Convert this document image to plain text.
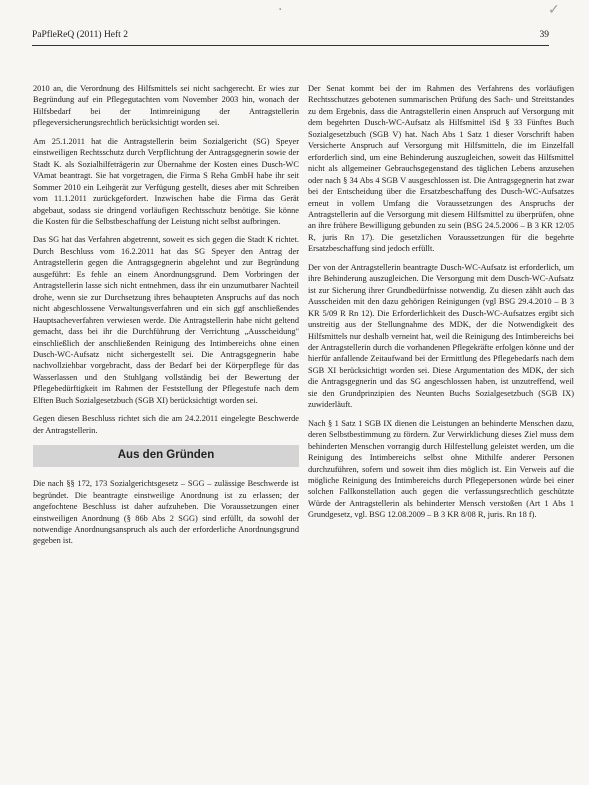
·	✓
PaPfleReQ (2011) Heft 2	39

2010 an, die Verordnung des Hilfsmittels sei nicht sachgerecht. Er wies zur Begründung auf ein Pflegegutachten vom November 2003 hin, wonach der Hilfsbedarf bei der Intimreinigung der Antragstellerin pflegeversicherungsrechtlich berücksichtigt worden sei.

Am 25.1.2011 hat die Antragstellerin beim Sozialgericht (SG) Speyer einstweiligen Rechtsschutz durch Verpflichtung der Antragsgegnerin sowie der Stadt K. als Sozialhilfeträgerin zur Übernahme der Kosten eines Dusch-WC VAmat beantragt. Sie hat vorgetragen, die Firma S Reha GmbH habe ihr seit Sommer 2010 ein Leihgerät zur Verfügung gestellt, dieses aber mit Schreiben vom 11.1.2011 zurückgefordert. Inzwischen habe die Firma das Gerät abgebaut, sodass sie dringend vorläufigen Rechtsschutz benötige. Sie könne die Kosten für die Selbstbeschaffung der Leistung nicht selbst aufbringen.

Das SG hat das Verfahren abgetrennt, soweit es sich gegen die Stadt K richtet. Durch Beschluss vom 16.2.2011 hat das SG Speyer den Antrag der Antragstellerin gegen die Antragsgegnerin abgelehnt und zur Begründung ausgeführt: Es fehle an einem Anordnungsgrund. Dem Vorbringen der Antragstellerin lasse sich nicht entnehmen, dass ihr ein unzumutbarer Nachteil drohe, wenn sie zur Durchsetzung ihres behaupteten Anspruchs auf das noch nicht abgeschlossene Verwaltungsverfahren und ein sich ggf anschließendes Hauptsacheverfahren verwiesen werde. Die Antragstellerin habe nicht geltend gemacht, dass bei ihr die Durchführung der Verrichtung „Ausscheidung" einschließlich der anschließenden Reinigung des Intimbereichs ohne einen Dusch-WC-Aufsatz nicht sichergestellt sei. Die Antragsgegnerin habe nachvollziehbar vorgebracht, dass der Bedarf bei der Körperpflege für das Wasserlassen und den Stuhlgang vollständig bei der Bewertung der Pflegebedürftigkeit im Rahmen der Feststellung der Pflegestufe nach dem Elften Buch Sozialgesetzbuch (SGB XI) berücksichtigt worden sei.

Gegen diesen Beschluss richtet sich die am 24.2.2011 eingelegte Beschwerde der Antragstellerin.

Aus den Gründen

Die nach §§ 172, 173 Sozialgerichtsgesetz – SGG – zulässige Beschwerde ist begründet. Die beantragte einstweilige Anordnung ist zu erlassen; der angefochtene Beschluss ist daher aufzuheben. Die Voraussetzungen einer einstweiligen Anordnung (§ 86b Abs 2 SGG) sind erfüllt, da sowohl der notwendige Anordnungsanspruch als auch der erforderliche Anordnungsgrund gegeben ist.

Der Senat kommt bei der im Rahmen des Verfahrens des vorläufigen Rechtsschutzes gebotenen summarischen Prüfung des Sach- und Streitstandes zu dem Ergebnis, dass die Antragstellerin einen Anspruch auf Versorgung mit dem begehrten Dusch-WC-Aufsatz als Hilfsmittel iSd § 33 Fünftes Buch Sozialgesetzbuch (SGB V) hat. Nach Abs 1 Satz 1 dieser Vorschrift haben Versicherte Anspruch auf Versorgung mit Hilfsmitteln, die im Einzelfall erforderlich sind, um eine Behinderung auszugleichen, soweit das Hilfsmittel nicht als allgemeiner Gebrauchsgegenstand des täglichen Lebens anzusehen oder nach § 34 Abs 4 SGB V ausgeschlossen ist. Die Antragsgegnerin hat zwar bei der Entscheidung über die Ersatzbeschaffung des Dusch-WC-Aufsatzes erneut in vollem Umfang die Voraussetzungen des Anspruchs der Antragstellerin auf die Versorgung mit diesem Hilfsmittel zu überprüfen, ohne an ihre frühere Bewilligung gebunden zu sein (BSG 24.5.2006 – B 3 KR 12/05 R, juris Rn 17). Die gesetzlichen Voraussetzungen für die begehrte Ersatzbeschaffung sind jedoch erfüllt.

Der von der Antragstellerin beantragte Dusch-WC-Aufsatz ist erforderlich, um ihre Behinderung auszugleichen. Die Versorgung mit dem Dusch-WC-Aufsatz ist zur Sicherung ihrer Grundbedürfnisse notwendig. Zu diesen zählt auch das Ausscheiden mit den dazu gehörigen Reinigungen (vgl BSG 29.4.2010 – B 3 KR 5/09 R Rn 12). Die Erforderlichkeit des Dusch-WC-Aufsatzes ergibt sich unstreitig aus der Stellungnahme des MDK, der die Notwendigkeit des Hilfsmittels nur deshalb verneint hat, weil die Reinigung des Intimbereichs bei der Antragstellerin durch die vorhandenen Pflegekräfte erfolgen könne und der hierfür anfallende Zeitaufwand bei der Ermittlung des Pflegebedarfs nach dem SGB XI berücksichtigt worden sei. Diese Argumentation des MDK, der sich die Antragsgegnerin und das SG angeschlossen haben, ist unzutreffend, weil sie den Grundprinzipien des Neunten Buchs Sozialgesetzbuch (SGB IX) zuwiderläuft.

Nach § 1 Satz 1 SGB IX dienen die Leistungen an behinderte Menschen dazu, deren Selbstbestimmung zu fördern. Zur Verwirklichung dieses Ziel muss dem behinderten Menschen vorrangig durch Hilfestellung geleistet werden, um die Reinigung des Intimbereichs selbst ohne Mithilfe anderer Personen durchzuführen, sofern und soweit ihm dies möglich ist. Ein Verweis auf die mögliche Reinigung des Intimbereichs durch Pflegepersonen würde bei einer solchen Fallkonstellation auch gegen die verfassungsrechtlich geschützte Würde der Antragstellerin als behinderter Mensch verstoßen (Art 1 Abs 1 Grundgesetz, vgl. BSG 12.08.2009 – B 3 KR 8/08 R, juris. Rn 18 f).
